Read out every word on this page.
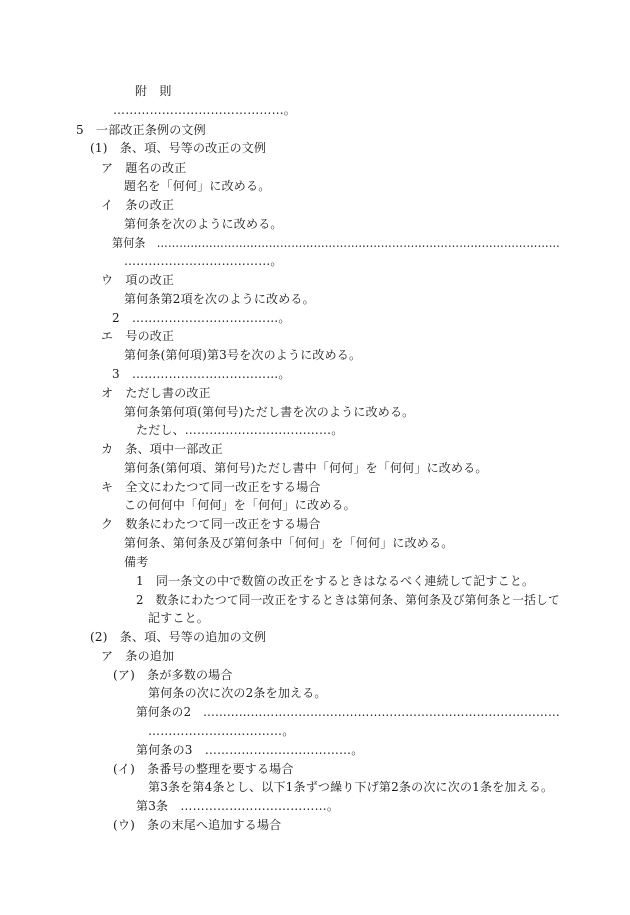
附　則
……………………………………。
5　一部改正条例の文例
(1)　条、項、号等の改正の文例
ア　題名の改正
題名を「何何」に改める。
イ　条の改正
第何条を次のように改める。
第何条　………………………………………………………………………………………………
………………………………。
ウ　項の改正
第何条第2項を次のように改める。
2　………………………………。
エ　号の改正
第何条(第何項)第3号を次のように改める。
3　………………………………。
オ　ただし書の改正
第何条第何項(第何号)ただし書を次のように改める。
ただし、………………………………。
カ　条、項中一部改正
第何条(第何項、第何号)ただし書中「何何」を「何何」に改める。
キ　全文にわたつて同一改正をする場合
この何何中「何何」を「何何」に改める。
ク　数条にわたつて同一改正をする場合
第何条、第何条及び第何条中「何何」を「何何」に改める。
備考
1　同一条文の中で数箇の改正をするときはなるべく連続して記すこと。
2　数条にわたつて同一改正をするときは第何条、第何条及び第何条と一括して
記すこと。
(2)　条、項、号等の追加の文例
ア　条の追加
(ア)　条が多数の場合
第何条の次に次の2条を加える。
第何条の2　………………………………………………………………………………
……………………………。
第何条の3　………………………………。
(イ)　条番号の整理を要する場合
第3条を第4条とし、以下1条ずつ繰り下げ第2条の次に次の1条を加える。
第3条　………………………………。
(ウ)　条の末尾へ追加する場合
